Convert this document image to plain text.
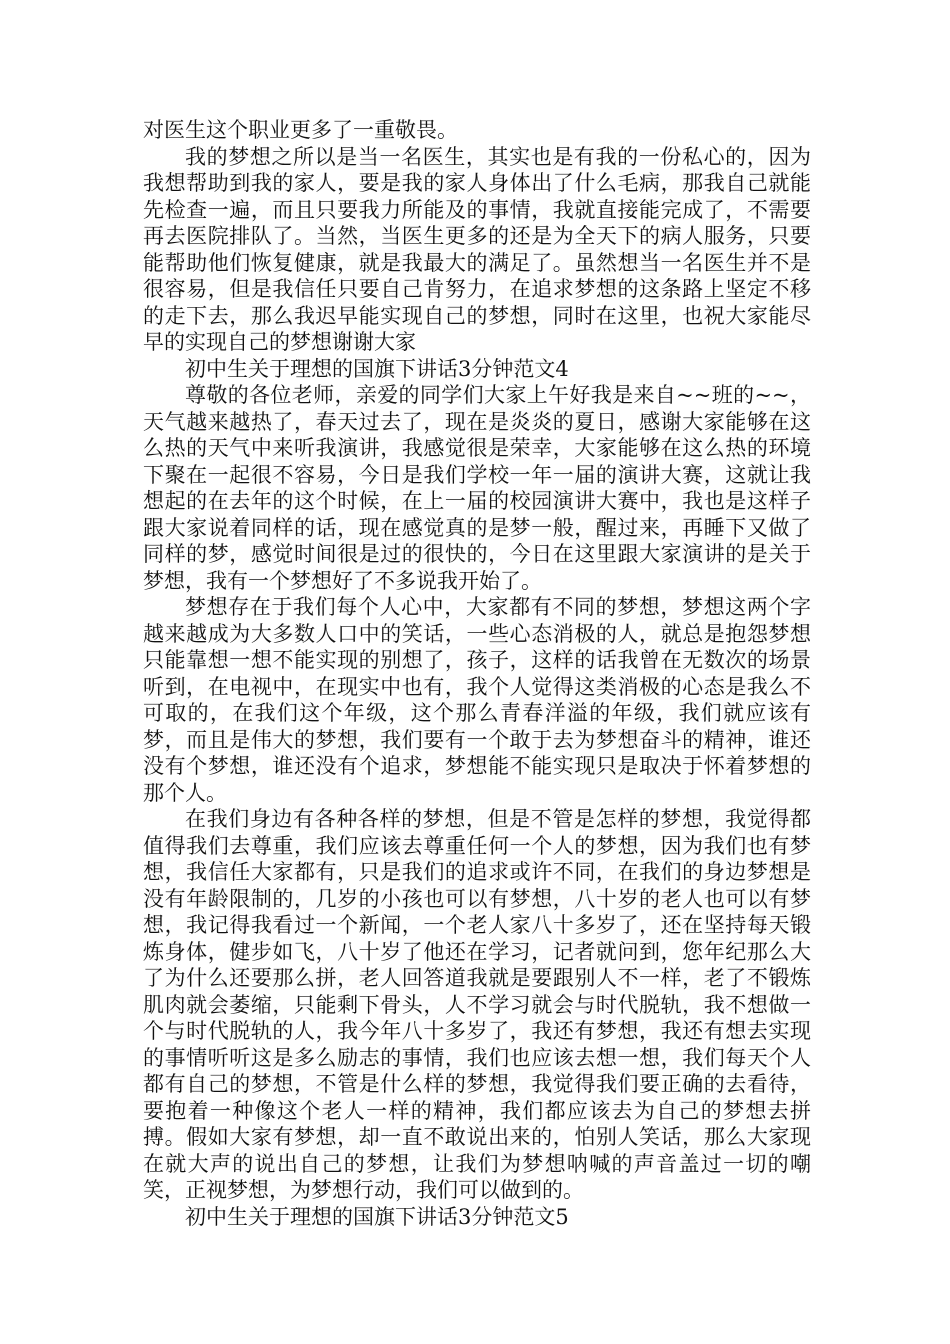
对医生这个职业更多了一重敬畏。

我的梦想之所以是当一名医生，其实也是有我的一份私心的，因为我想帮助到我的家人，要是我的家人身体出了什么毛病，那我自己就能先检查一遍，而且只要我力所能及的事情，我就直接能完成了，不需要再去医院排队了。当然，当医生更多的还是为全天下的病人服务，只要能帮助他们恢复健康，就是我最大的满足了。虽然想当一名医生并不是很容易，但是我信任只要自己肯努力，在追求梦想的这条路上坚定不移的走下去，那么我迟早能实现自己的梦想，同时在这里，也祝大家能尽早的实现自己的梦想谢谢大家

初中生关于理想的国旗下讲话3分钟范文4

尊敬的各位老师，亲爱的同学们大家上午好我是来自~~班的~~，天气越来越热了，春天过去了，现在是炎炎的夏日，感谢大家能够在这么热的天气中来听我演讲，我感觉很是荣幸，大家能够在这么热的环境下聚在一起很不容易，今日是我们学校一年一届的演讲大赛，这就让我想起的在去年的这个时候，在上一届的校园演讲大赛中，我也是这样子跟大家说着同样的话，现在感觉真的是梦一般，醒过来，再睡下又做了同样的梦，感觉时间很是过的很快的，今日在这里跟大家演讲的是关于梦想，我有一个梦想好了不多说我开始了。

梦想存在于我们每个人心中，大家都有不同的梦想，梦想这两个字越来越成为大多数人口中的笑话，一些心态消极的人，就总是抱怨梦想只能靠想一想不能实现的别想了，孩子，这样的话我曾在无数次的场景听到，在电视中，在现实中也有，我个人觉得这类消极的心态是我么不可取的，在我们这个年级，这个那么青春洋溢的年级，我们就应该有梦，而且是伟大的梦想，我们要有一个敢于去为梦想奋斗的精神，谁还没有个梦想，谁还没有个追求，梦想能不能实现只是取决于怀着梦想的那个人。

在我们身边有各种各样的梦想，但是不管是怎样的梦想，我觉得都值得我们去尊重，我们应该去尊重任何一个人的梦想，因为我们也有梦想，我信任大家都有，只是我们的追求或许不同，在我们的身边梦想是没有年龄限制的，几岁的小孩也可以有梦想，八十岁的老人也可以有梦想，我记得我看过一个新闻，一个老人家八十多岁了，还在坚持每天锻炼身体，健步如飞，八十岁了他还在学习，记者就问到，您年纪那么大了为什么还要那么拼，老人回答道我就是要跟别人不一样，老了不锻炼肌肉就会萎缩，只能剩下骨头，人不学习就会与时代脱轨，我不想做一个与时代脱轨的人，我今年八十多岁了，我还有梦想，我还有想去实现的事情听听这是多么励志的事情，我们也应该去想一想，我们每天个人都有自己的梦想，不管是什么样的梦想，我觉得我们要正确的去看待，要抱着一种像这个老人一样的精神，我们都应该去为自己的梦想去拼搏。假如大家有梦想，却一直不敢说出来的，怕别人笑话，那么大家现在就大声的说出自己的梦想，让我们为梦想呐喊的声音盖过一切的嘲笑，正视梦想，为梦想行动，我们可以做到的。

初中生关于理想的国旗下讲话3分钟范文5
